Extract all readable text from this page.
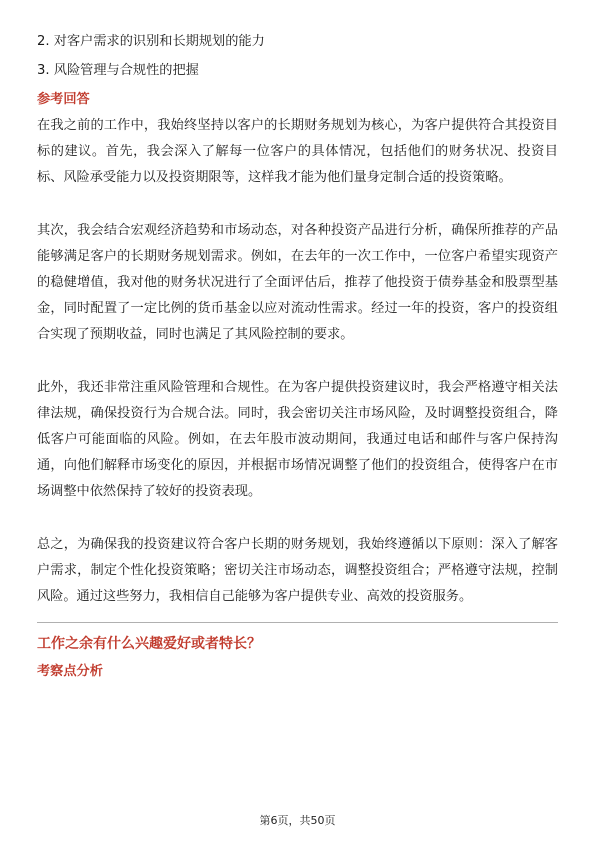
2. 对客户需求的识别和长期规划的能力
3. 风险管理与合规性的把握
参考回答

在我之前的工作中，我始终坚持以客户的长期财务规划为核心，为客户提供符合其投资目标的建议。首先，我会深入了解每一位客户的具体情况，包括他们的财务状况、投资目标、风险承受能力以及投资期限等，这样我才能为他们量身定制合适的投资策略。

其次，我会结合宏观经济趋势和市场动态，对各种投资产品进行分析，确保所推荐的产品能够满足客户的长期财务规划需求。例如，在去年的一次工作中，一位客户希望实现资产的稳健增值，我对他的财务状况进行了全面评估后，推荐了他投资于债券基金和股票型基金，同时配置了一定比例的货币基金以应对流动性需求。经过一年的投资，客户的投资组合实现了预期收益，同时也满足了其风险控制的要求。

此外，我还非常注重风险管理和合规性。在为客户提供投资建议时，我会严格遵守相关法律法规，确保投资行为合规合法。同时，我会密切关注市场风险，及时调整投资组合，降低客户可能面临的风险。例如，在去年股市波动期间，我通过电话和邮件与客户保持沟通，向他们解释市场变化的原因，并根据市场情况调整了他们的投资组合，使得客户在市场调整中依然保持了较好的投资表现。

总之，为确保我的投资建议符合客户长期的财务规划，我始终遵循以下原则：深入了解客户需求，制定个性化投资策略；密切关注市场动态，调整投资组合；严格遵守法规，控制风险。通过这些努力，我相信自己能够为客户提供专业、高效的投资服务。

工作之余有什么兴趣爱好或者特长？
考察点分析
第6页，共50页
